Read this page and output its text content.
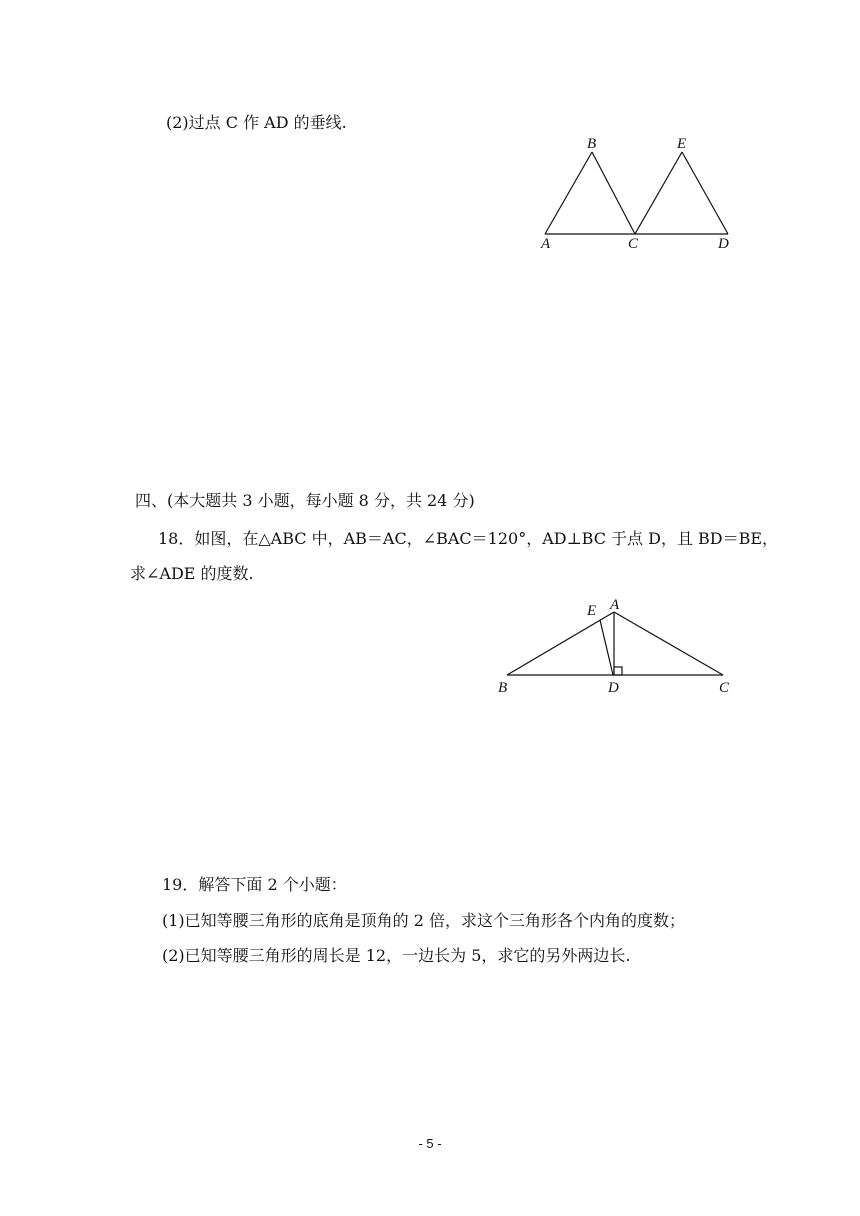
(2)过点 C 作 AD 的垂线.
B	E
A	C	D
四、(本大题共 3 小题，每小题 8 分，共 24 分)
18．如图，在△ABC 中，AB＝AC，∠BAC＝120°，AD⊥BC 于点 D，且 BD＝BE，
求∠ADE 的度数.
E A
B	D	C
19．解答下面 2 个小题：
(1)已知等腰三角形的底角是顶角的 2 倍，求这个三角形各个内角的度数；
(2)已知等腰三角形的周长是 12，一边长为 5，求它的另外两边长.
- 5 -
